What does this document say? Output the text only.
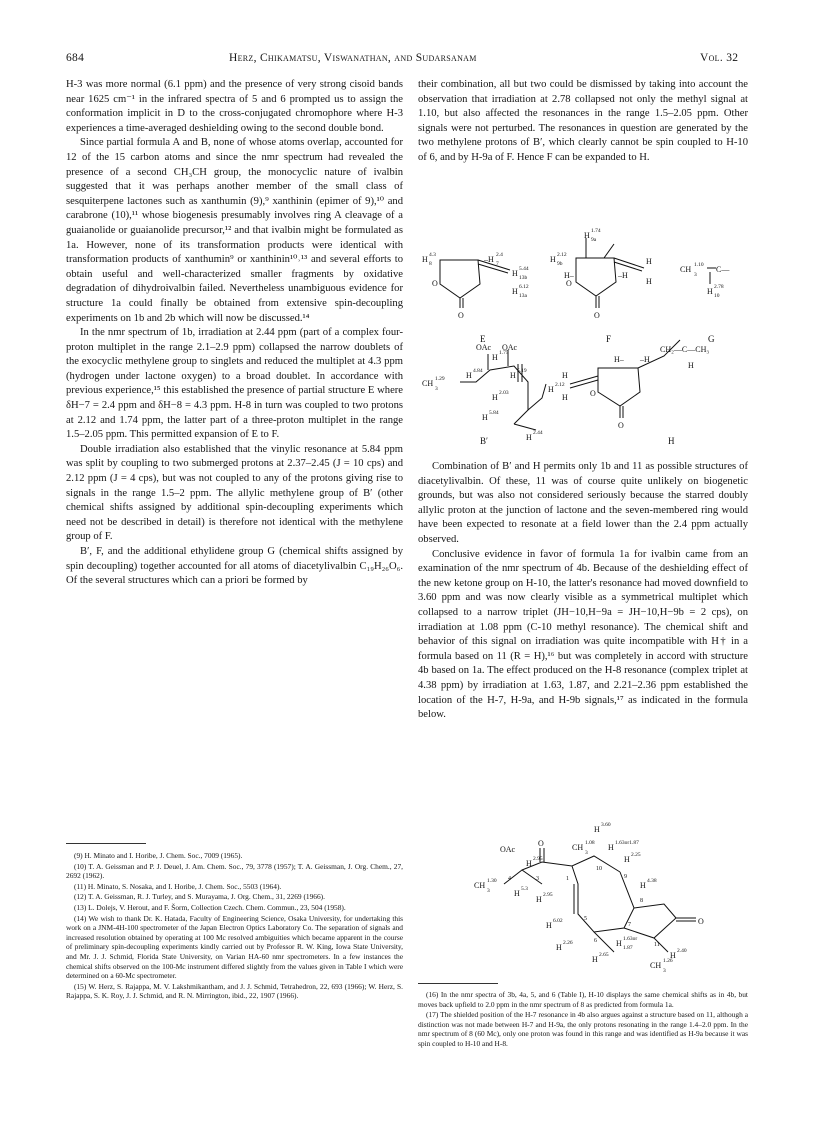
684	Herz, Chikamatsu, Viswanathan, and Sudarsanam	Vol. 32

H-3 was more normal (6.1 ppm) and the presence of very strong cisoid bands near 1625 cm⁻¹ in the infrared spectra of 5 and 6 prompted us to assign the conformation implicit in D to the cross-conjugated chromophore where H-3 experiences a time-averaged deshielding owing to the second double bond.

Since partial formula A and B, none of whose atoms overlap, accounted for 12 of the 15 carbon atoms and since the nmr spectrum had revealed the presence of a second CH₃CH group, the monocyclic nature of ivalbin suggested that it was perhaps another member of the small class of sesquiterpene lactones such as xanthumin (9),⁹ xanthinin (epimer of 9),¹⁰ and carabrone (10),¹¹ whose biogenesis presumably involves ring A cleavage of a guaianolide or guaianolide precursor,¹² and that ivalbin might be formulated as 1a. However, none of its transformation products were identical with transformation products of xanthumin⁹ or xanthinin¹⁰˒¹³ and several efforts to obtain useful and well-characterized smaller fragments by oxidative degradation of dihydroivalbin failed. Nevertheless unambiguous evidence for structure 1a could finally be obtained from extensive spin-decoupling experiments on 1b and 2b which will now be discussed.¹⁴

In the nmr spectrum of 1b, irradiation at 2.44 ppm (part of a complex four-proton multiplet in the range 2.1–2.9 ppm) collapsed the narrow doublets of the exocyclic methylene group to singlets and reduced the multiplet at 4.3 ppm (hydrogen under lactone oxygen) to a broad doublet. In accordance with previous experience,¹⁵ this established the presence of partial structure E where δH−7 = 2.4 ppm and δH−8 = 4.3 ppm. H-8 in turn was coupled to two protons at 2.12 and 1.74 ppm, the latter part of a three-proton multiplet in the range 1.5–2.05 ppm. This permitted expansion of E to F.

Double irradiation also established that the vinylic resonance at 5.84 ppm was split by coupling to two submerged protons at 2.37–2.45 (J = 10 cps) and 2.12 ppm (J = 4 cps), but was not coupled to any of the protons giving rise to signals in the range 1.5–2 ppm. The allylic methylene group of B′ (other chemical shifts assigned by additional spin-decoupling experiments which need not be described in detail) is therefore not identical with the methylene group of F.

B′, F, and the additional ethylidene group G (chemical shifts assigned by spin decoupling) together accounted for all atoms of diacetylivalbin C₁₉H₂₆O₆. Of the several structures which can a priori be formed by

their combination, all but two could be dismissed by taking into account the observation that irradiation at 2.78 collapsed not only the methyl signal at 1.10, but also affected the resonances in the range 1.5–2.05 ppm. Other signals were not perturbed. The resonances in question are generated by the two methylene protons of B′, which clearly cannot be spin coupled to H-10 of 6, and by H-9a of F. Hence F can be expanded to H.

H 4.3
8	–H 2.4
7
H 5.44
13b
H 6.12
13a
O
O
E
H 1.74
9a
H 2.12
9b
H–	–H
H
H
O
O
F
CH 1.10
3
C—
H 2.78
10
G
OAc OAc
H 1.75
CH 1.29
3
H 4.84	H 5.19
H 2.03
H 5.84
H 2.12
H 2.44
B′
CH₂—C—CH₃
H
H– –H
H
H	O
O
H

Combination of B′ and H permits only 1b and 11 as possible structures of diacetylivalbin. Of these, 11 was of course quite unlikely on biogenetic grounds, but was also not considered seriously because the starred doubly allylic proton at the junction of lactone and the seven-membered ring would have been expected to resonate at a field lower than the 2.4 ppm actually observed.

Conclusive evidence in favor of formula 1a for ivalbin came from an examination of the nmr spectrum of 4b. Because of the deshielding effect of the new ketone group on H-10, the latter's resonance had moved downfield to 3.60 ppm and was now clearly visible as a symmetrical multiplet which collapsed to a narrow triplet (JH−10,H−9a = JH−10,H−9b = 2 cps), on irradiation at 1.08 ppm (C-10 methyl resonance). The chemical shift and behavior of this signal on irradiation was quite incompatible with H† in a formula based on 11 (R = H),¹⁶ but was completely in accord with structure 4b based on 1a. The effect produced on the H-8 resonance (complex triplet at 4.38 ppm) by irradiation at 1.63, 1.87, and 2.21–2.36 ppm established the location of the H-7, H-9a, and H-9b signals,¹⁷ as indicated in the formula below.

H 3.60
OAc
O	CH 1.08
3
H 1.63or1.87
H 2.25
H 2.95
10
H 4.38
CH 1.30
3
4	3	1	9
H 5.3
H 2.95
8
H 6.02	5
6
7	O
H 2.26	H 1.63or
1.87	11
H 2.65	H 2.40
CH 1.26
3

(9) H. Minato and I. Horibe, J. Chem. Soc., 7009 (1965).

(10) T. A. Geissman and P. J. Deuel, J. Am. Chem. Soc., 79, 3778 (1957); T. A. Geissman, J. Org. Chem., 27, 2692 (1962).

(11) H. Minato, S. Nosaka, and I. Horibe, J. Chem. Soc., 5503 (1964).

(12) T. A. Geissman, R. J. Turley, and S. Murayama, J. Org. Chem., 31, 2269 (1966).

(13) L. Dolejs, V. Herout, and F. Šorm, Collection Czech. Chem. Commun., 23, 504 (1958).

(14) We wish to thank Dr. K. Hatada, Faculty of Engineering Science, Osaka University, for undertaking this work on a JNM-4H-100 spectrometer of the Japan Electron Optics Laboratory Co. The separation of signals and increased resolution obtained by operating at 100 Mc resolved ambiguities which became apparent in the course of preliminary spin-decoupling experiments kindly carried out by Professor R. W. King, Iowa State University, and Mr. J. J. Schmid, Florida State University, on Varian HA-60 nmr spectrometers. In a few instances the chemical shifts observed on the 100-Mc instrument differed slightly from the values given in Table I which were determined on a 60-Mc spectrometer.

(15) W. Herz, S. Rajappa, M. V. Lakshmikantham, and J. J. Schmid, Tetrahedron, 22, 693 (1966); W. Herz, S. Rajappa, S. K. Roy, J. J. Schmid, and R. N. Mirrington, ibid., 22, 1907 (1966).	(16) In the nmr spectra of 3b, 4a, 5, and 6 (Table I), H-10 displays the same chemical shifts as in 4b, but moves back upfield to 2.0 ppm in the nmr spectrum of 8 as predicted from formula 1a.

(17) The shielded position of the H-7 resonance in 4b also argues against a structure based on 11, although a distinction was not made between H-7 and H-9a, the only protons resonating in the range 1.4–2.0 ppm. In the nmr spectrum of 8 (60 Mc), only one proton was found in this range and was identified as H-9a because it was spin coupled to H-10 and H-8.
